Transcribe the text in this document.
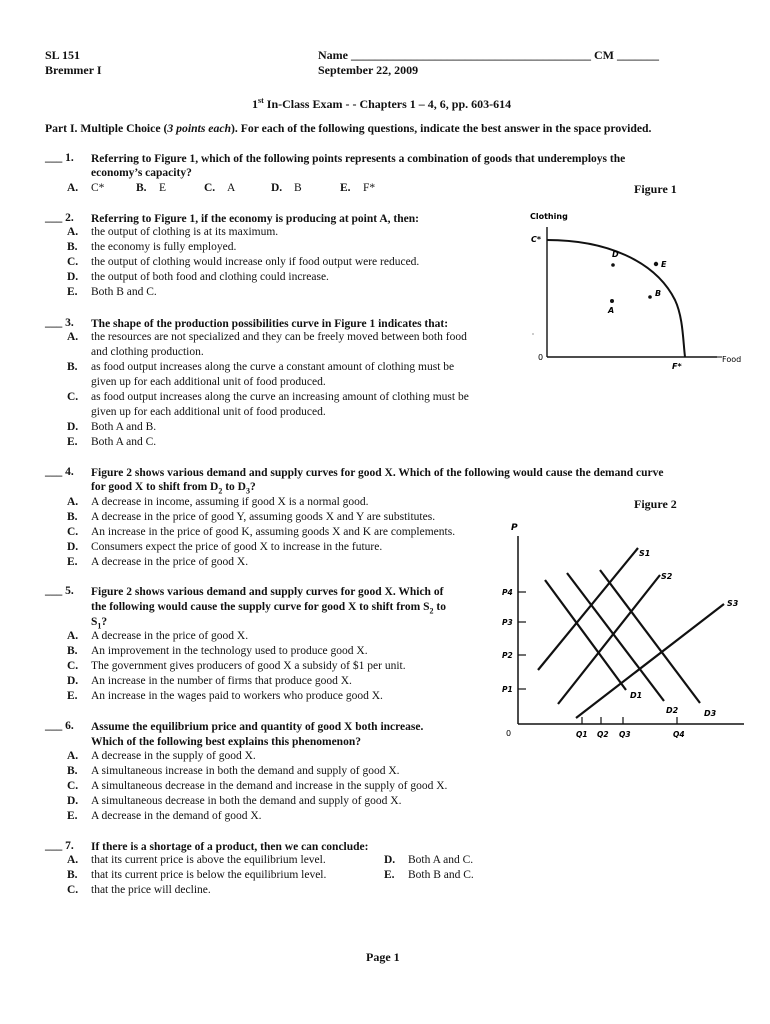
SL 151
Bremmer I
Name ________________________________________ CM _______
September 22, 2009
1st In-Class Exam - - Chapters 1 – 4, 6, pp. 603-614
Part I. Multiple Choice (3 points each). For each of the following questions, indicate the best answer in the space provided.
___ 1. Referring to Figure 1, which of the following points represents a combination of goods that underemploys the
economy’s capacity?
A. C*	B. E	C. A	D. B	E. F*	Figure 1
___ 2. Referring to Figure 1, if the economy is producing at point A, then:
A. the output of clothing is at its maximum.
B. the economy is fully employed.
C. the output of clothing would increase only if food output were reduced.
D. the output of both food and clothing could increase.
E. Both B and C.
Clothing
Food
0
C*
D
E
B
A
F*
___ 3. The shape of the production possibilities curve in Figure 1 indicates that:
A. the resources are not specialized and they can be freely moved between both food
and clothing production.
B. as food output increases along the curve a constant amount of clothing must be
given up for each additional unit of food produced.
C. as food output increases along the curve an increasing amount of clothing must be
given up for each additional unit of food produced.
D. Both A and B.
E. Both A and C.
___ 4. Figure 2 shows various demand and supply curves for good X. Which of the following would cause the demand curve
for good X to shift from $D_2$ to $D_3$?
Figure 2
A. A decrease in income, assuming if good X is a normal good.
B. A decrease in the price of good Y, assuming goods X and Y are substitutes.
C. An increase in the price of good K, assuming goods X and K are complements.
D. Consumers expect the price of good X to increase in the future.
E. A decrease in the price of good X.
P
0
P4
P3
P2
P1
Q1 Q2 Q3	Q4
S1
S2
S3
D1
D2	D3
___ 5. Figure 2 shows various demand and supply curves for good X. Which of
the following would cause the supply curve for good X to shift from $S_2$ to
$S_1$?
A. A decrease in the price of good X.
B. An improvement in the technology used to produce good X.
C. The government gives producers of good X a subsidy of $1 per unit.
D. An increase in the number of firms that produce good X.
E. An increase in the wages paid to workers who produce good X.
___ 6. Assume the equilibrium price and quantity of good X both increase.
Which of the following best explains this phenomenon?
A. A decrease in the supply of good X.
B. A simultaneous increase in both the demand and supply of good X.
C. A simultaneous decrease in the demand and increase in the supply of good X.
D. A simultaneous decrease in both the demand and supply of good X.
E. A decrease in the demand of good X.
___ 7. If there is a shortage of a product, then we can conclude:
A. that its current price is above the equilibrium level.
B. that its current price is below the equilibrium level.
C. that the price will decline.
D. Both A and C.
E. Both B and C.
Page 1
